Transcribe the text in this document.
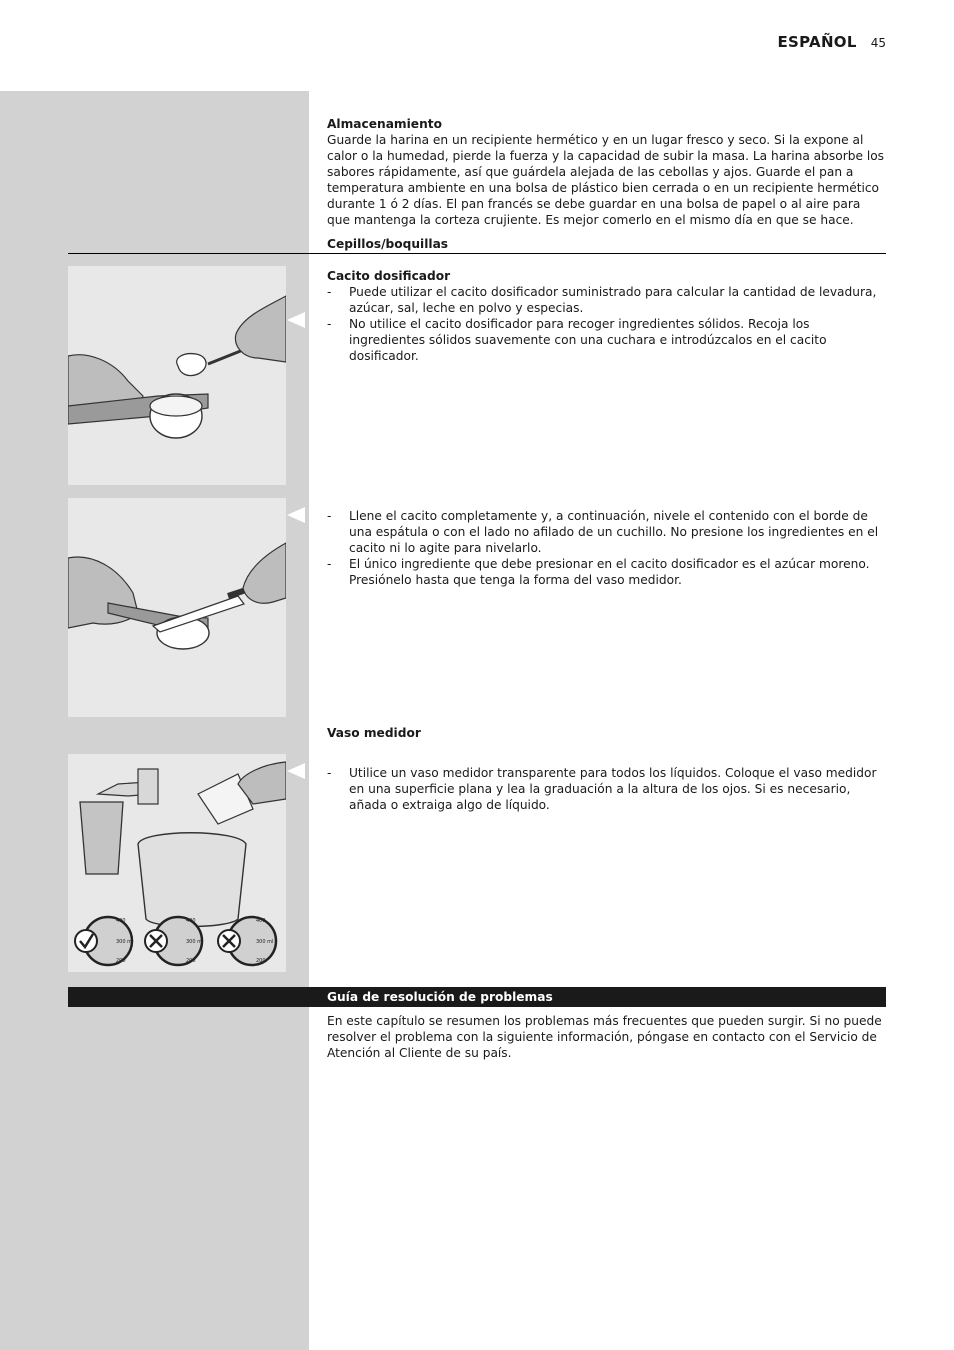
ESPAÑOL 45
Almacenamiento

Guarde la harina en un recipiente hermético y en un lugar fresco y seco. Si la expone al calor o la humedad, pierde la fuerza y la capacidad de subir la masa. La harina absorbe los sabores rápidamente, así que guárdela alejada de las cebollas y ajos. Guarde el pan a temperatura ambiente en una bolsa de plástico bien cerrada o en un recipiente hermético durante 1 ó 2 días. El pan francés se debe guardar en una bolsa de papel o al aire para que mantenga la corteza crujiente. Es mejor comerlo en el mismo día en que se hace.

Cepillos/boquillas
Cacito dosificador
- Puede utilizar el cacito dosificador suministrado para calcular la cantidad de levadura, azúcar, sal, leche en polvo y especias.
- No utilice el cacito dosificador para recoger ingredientes sólidos. Recoja los ingredientes sólidos suavemente con una cuchara e introdúzcalos en el cacito dosificador.
- Llene el cacito completamente y, a continuación, nivele el contenido con el borde de una espátula o con el lado no afilado de un cuchillo. No presione los ingredientes en el cacito ni lo agite para nivelarlo.
- El único ingrediente que debe presionar en el cacito dosificador es el azúcar moreno. Presiónelo hasta que tenga la forma del vaso medidor.
Vaso medidor
400
300 ml
200
400
300 ml
200
400
300 ml
200
- Utilice un vaso medidor transparente para todos los líquidos. Coloque el vaso medidor en una superficie plana y lea la graduación a la altura de los ojos. Si es necesario, añada o extraiga algo de líquido.
Guía de resolución de problemas

En este capítulo se resumen los problemas más frecuentes que pueden surgir. Si no puede resolver el problema con la siguiente información, póngase en contacto con el Servicio de Atención al Cliente de su país.
